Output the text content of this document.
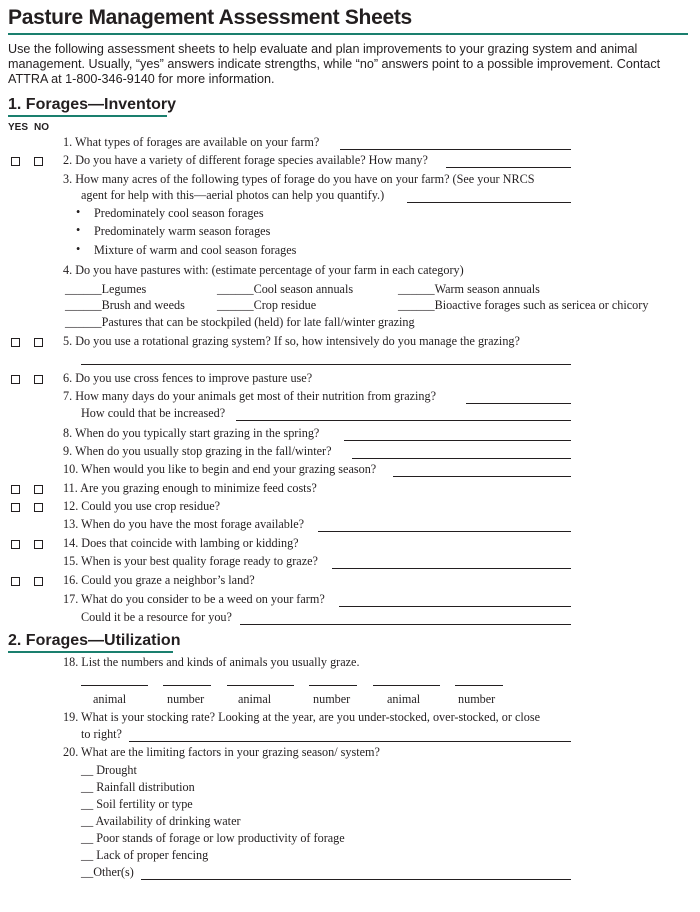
Pasture Management Assessment Sheets
Use the following assessment sheets to help evaluate and plan improvements to your grazing system and animal management. Usually, “yes” answers indicate strengths, while “no” answers point to a possible improvement. Contact ATTRA at 1-800-346-9140 for more information.
1. Forages—Inventory
YES NO
1. What types of forages are available on your farm?
2. Do you have a variety of different forage species available? How many?
3. How many acres of the following types of forage do you have on your farm? (See your NRCS
agent for help with this—aerial photos can help you quantify.)
• Predominately cool season forages
• Predominately warm season forages
• Mixture of warm and cool season forages
4. Do you have pastures with: (estimate percentage of your farm in each category)
______Legumes	______Cool season annuals	______Warm season annuals
______Brush and weeds	______Crop residue	______Bioactive forages such as sericea or chicory
______Pastures that can be stockpiled (held) for late fall/winter grazing
5. Do you use a rotational grazing system? If so, how intensively do you manage the grazing?
6. Do you use cross fences to improve pasture use?
7. How many days do your animals get most of their nutrition from grazing?
How could that be increased?
8. When do you typically start grazing in the spring?
9. When do you usually stop grazing in the fall/winter?
10. When would you like to begin and end your grazing season?
11. Are you grazing enough to minimize feed costs?
12. Could you use crop residue?
13. When do you have the most forage available?
14. Does that coincide with lambing or kidding?
15. When is your best quality forage ready to graze?
16. Could you graze a neighbor’s land?
17. What do you consider to be a weed on your farm?
Could it be a resource for you?
2. Forages—Utilization
18. List the numbers and kinds of animals you usually graze.
animal	number	animal	number	animal	number
19. What is your stocking rate? Looking at the year, are you under-stocked, over-stocked, or close
to right?
20. What are the limiting factors in your grazing season/ system?
__ Drought
__ Rainfall distribution
__ Soil fertility or type
__ Availability of drinking water
__ Poor stands of forage or low productivity of forage
__ Lack of proper fencing
__Other(s)
